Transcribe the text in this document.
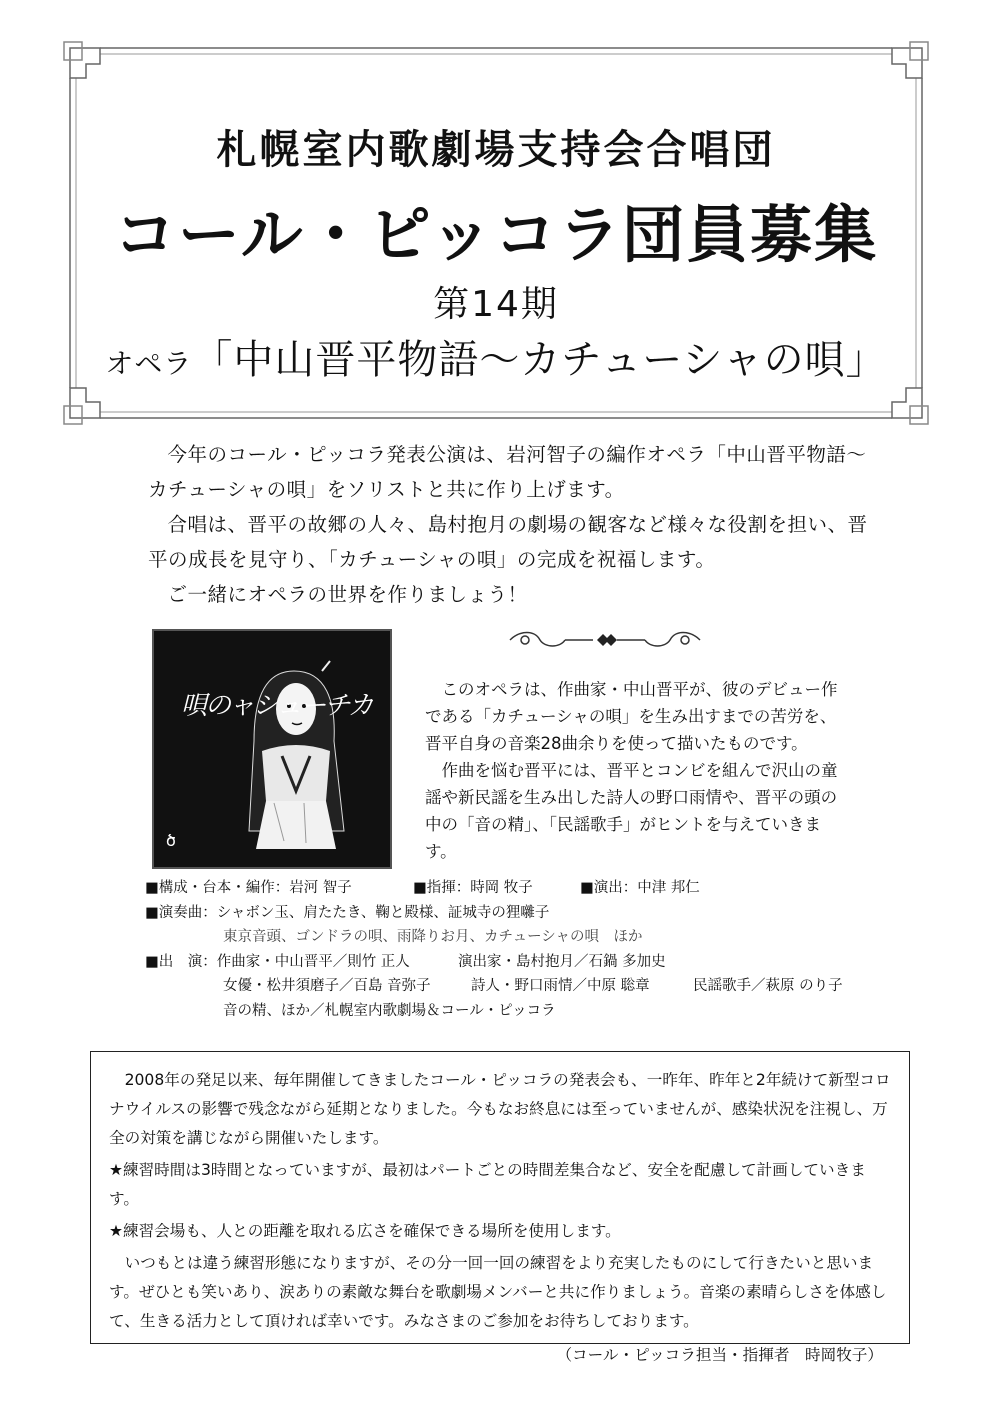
札幌室内歌劇場支持会合唱団
コール・ピッコラ団員募集
第14期
オペラ「中山晋平物語～カチューシャの唄」

今年のコール・ピッコラ発表公演は、岩河智子の編作オペラ「中山晋平物語～カチューシャの唄」をソリストと共に作り上げます。

合唱は、晋平の故郷の人々、島村抱月の劇場の観客など様々な役割を担い、晋平の成長を見守り、「カチューシャの唄」の完成を祝福します。

ご一緒にオペラの世界を作りましょう！

唄のャシューチカ
ծ

このオペラは、作曲家・中山晋平が、彼のデビュー作である「カチューシャの唄」を生み出すまでの苦労を、晋平自身の音楽28曲余りを使って描いたものです。

作曲を悩む晋平には、晋平とコンビを組んで沢山の童謡や新民謡を生み出した詩人の野口雨情や、晋平の頭の中の「音の精」、「民謡歌手」がヒントを与えていきます。

■構成・台本・編作：岩河 智子	■指揮：時岡 牧子	■演出：中津 邦仁
■演奏曲：シャボン玉、肩たたき、鞠と殿様、証城寺の狸囃子
東京音頭、ゴンドラの唄、雨降りお月、カチューシャの唄　ほか
■出　演：作曲家・中山晋平／則竹 正人	演出家・島村抱月／石鍋 多加史
女優・松井須磨子／百島 音弥子	詩人・野口雨情／中原 聡章	民謡歌手／萩原 のり子
音の精、ほか／札幌室内歌劇場＆コール・ピッコラ

2008年の発足以来、毎年開催してきましたコール・ピッコラの発表会も、一昨年、昨年と2年続けて新型コロナウイルスの影響で残念ながら延期となりました。今もなお終息には至っていませんが、感染状況を注視し、万全の対策を講じながら開催いたします。

★練習時間は3時間となっていますが、最初はパートごとの時間差集合など、安全を配慮して計画していきます。

★練習会場も、人との距離を取れる広さを確保できる場所を使用します。

いつもとは違う練習形態になりますが、その分一回一回の練習をより充実したものにして行きたいと思います。ぜひとも笑いあり、涙ありの素敵な舞台を歌劇場メンバーと共に作りましょう。音楽の素晴らしさを体感して、生きる活力として頂ければ幸いです。みなさまのご参加をお待ちしております。

（コール・ピッコラ担当・指揮者　時岡牧子）
